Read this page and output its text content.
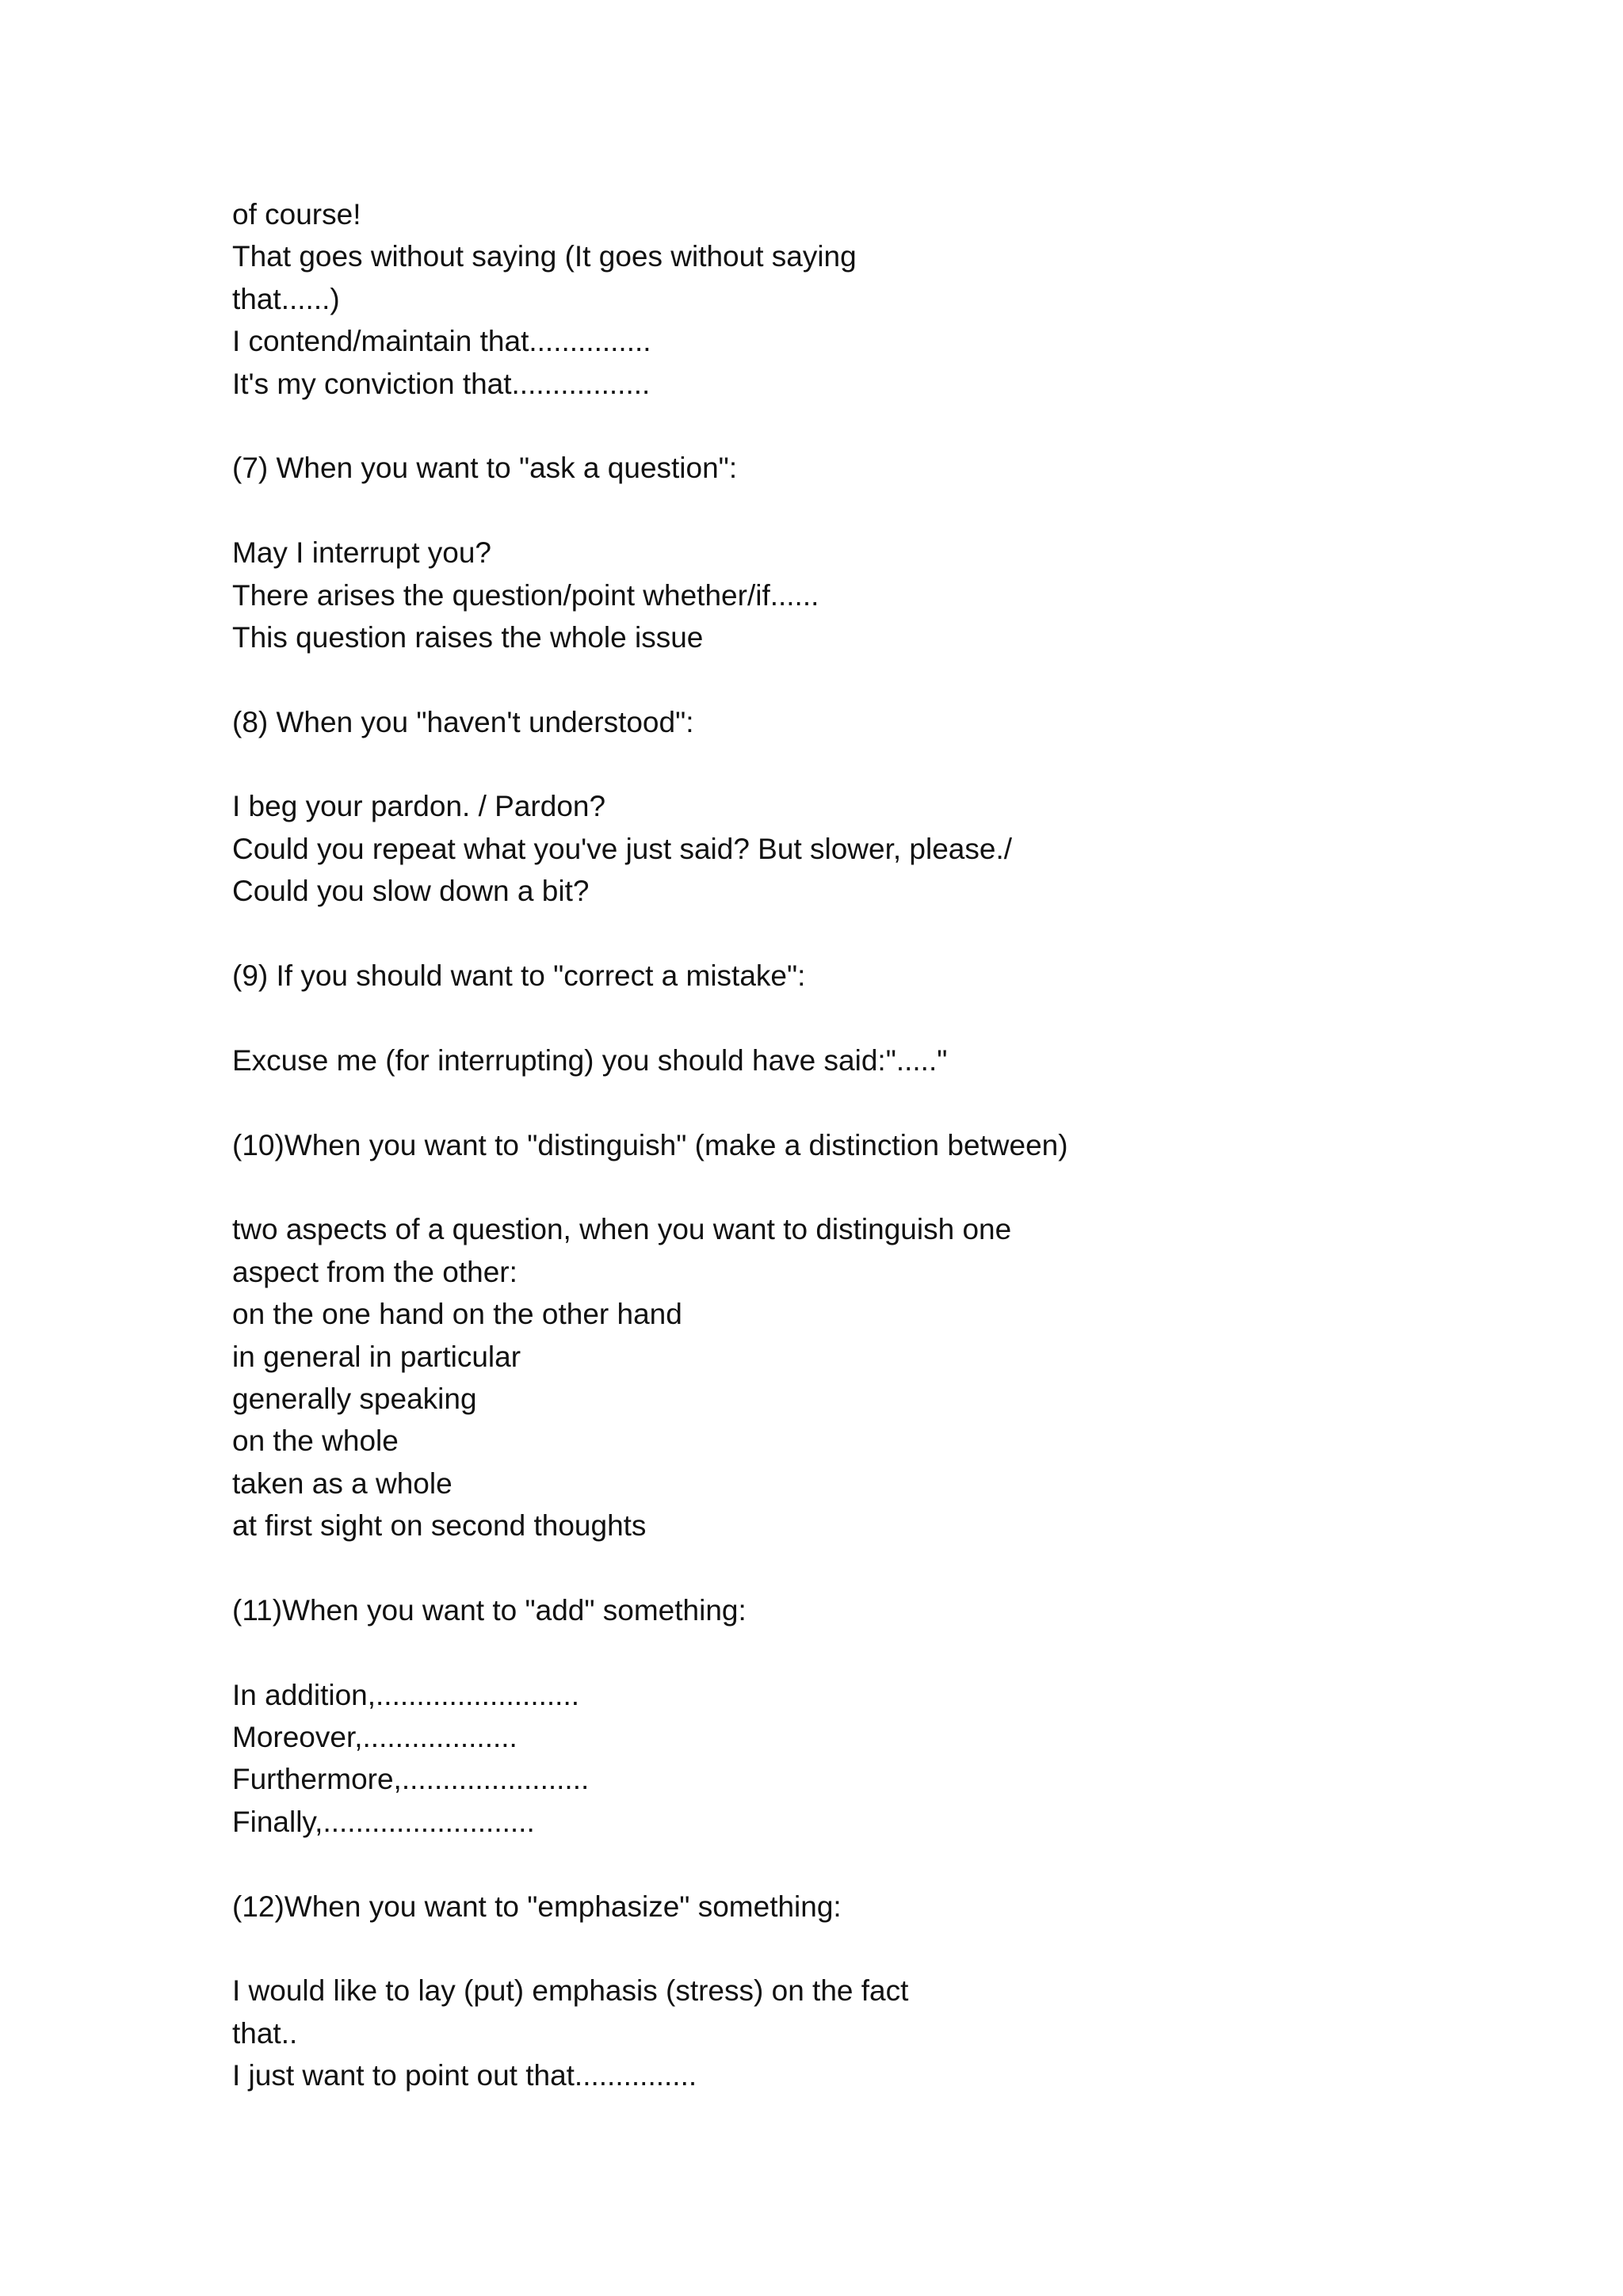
of course!
That goes without saying (It goes without saying
that......)
I contend/maintain that...............
It's my conviction that.................
(7) When you want to "ask a question":
May I interrupt you?
There arises the question/point whether/if......
This question raises the whole issue
(8) When you "haven't understood":
I beg your pardon. / Pardon?
Could you repeat what you've just said? But slower, please./
Could you slow down a bit?
(9) If you should want to "correct a mistake":
Excuse me (for interrupting) you should have said:"....."
(10)When you want to "distinguish" (make a distinction between)
two aspects of a question, when you want to distinguish one
aspect from the other:
on the one hand on the other hand
in general in particular
generally speaking
on the whole
taken as a whole
at first sight on second thoughts
(11)When you want to "add" something:
In addition,.........................
Moreover,...................
Furthermore,.......................
Finally,..........................
(12)When you want to "emphasize" something:
I would like to lay (put) emphasis (stress) on the fact
that..
I just want to point out that...............
